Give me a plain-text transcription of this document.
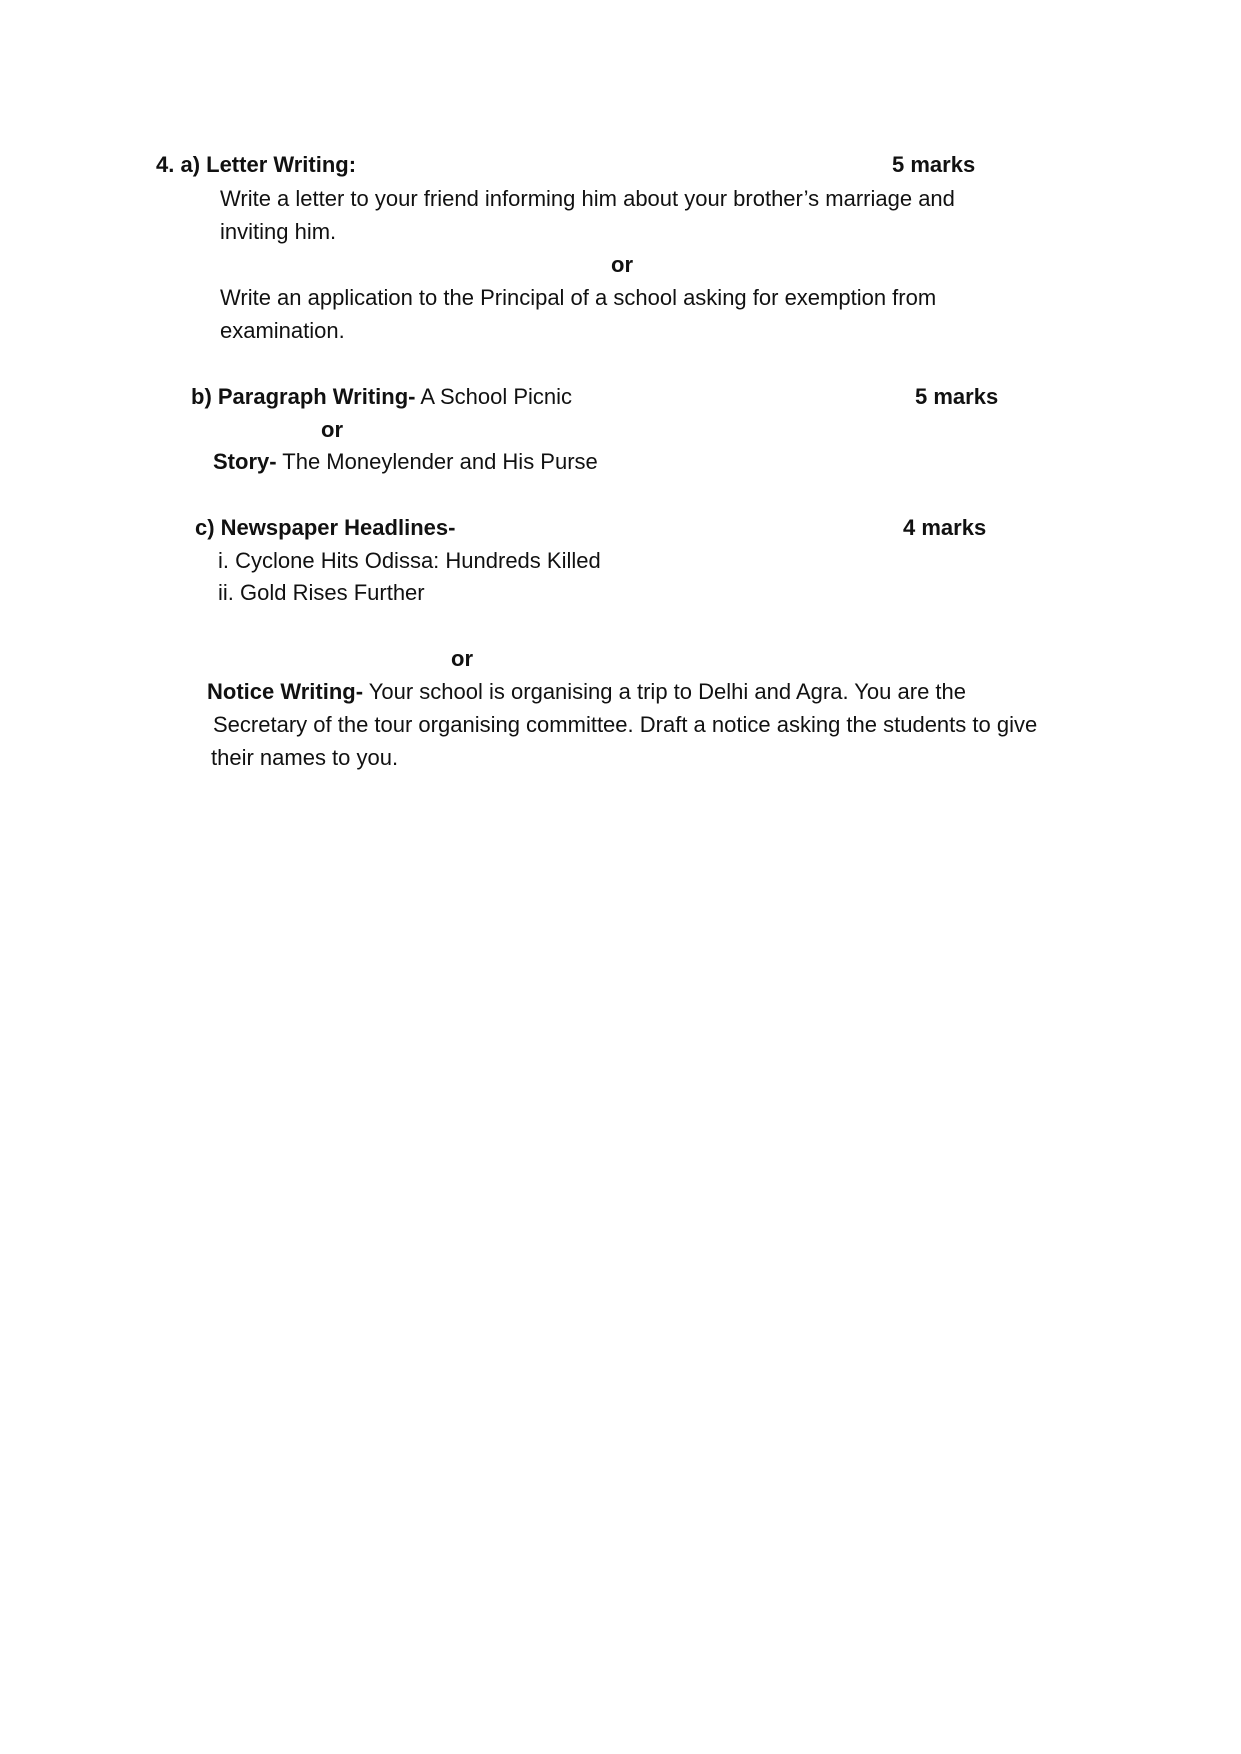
4. a) Letter Writing:	5 marks
Write a letter to your friend informing him about your brother’s marriage and
inviting him.
or
Write an application to the Principal of a school asking for exemption from
examination.
b) Paragraph Writing- A School Picnic	5 marks
or
Story- The Moneylender and His Purse
c) Newspaper Headlines-	4 marks
i. Cyclone Hits Odissa: Hundreds Killed
ii. Gold Rises Further
or
Notice Writing- Your school is organising a trip to Delhi and Agra. You are the
Secretary of the tour organising committee. Draft a notice asking the students to give
their names to you.
